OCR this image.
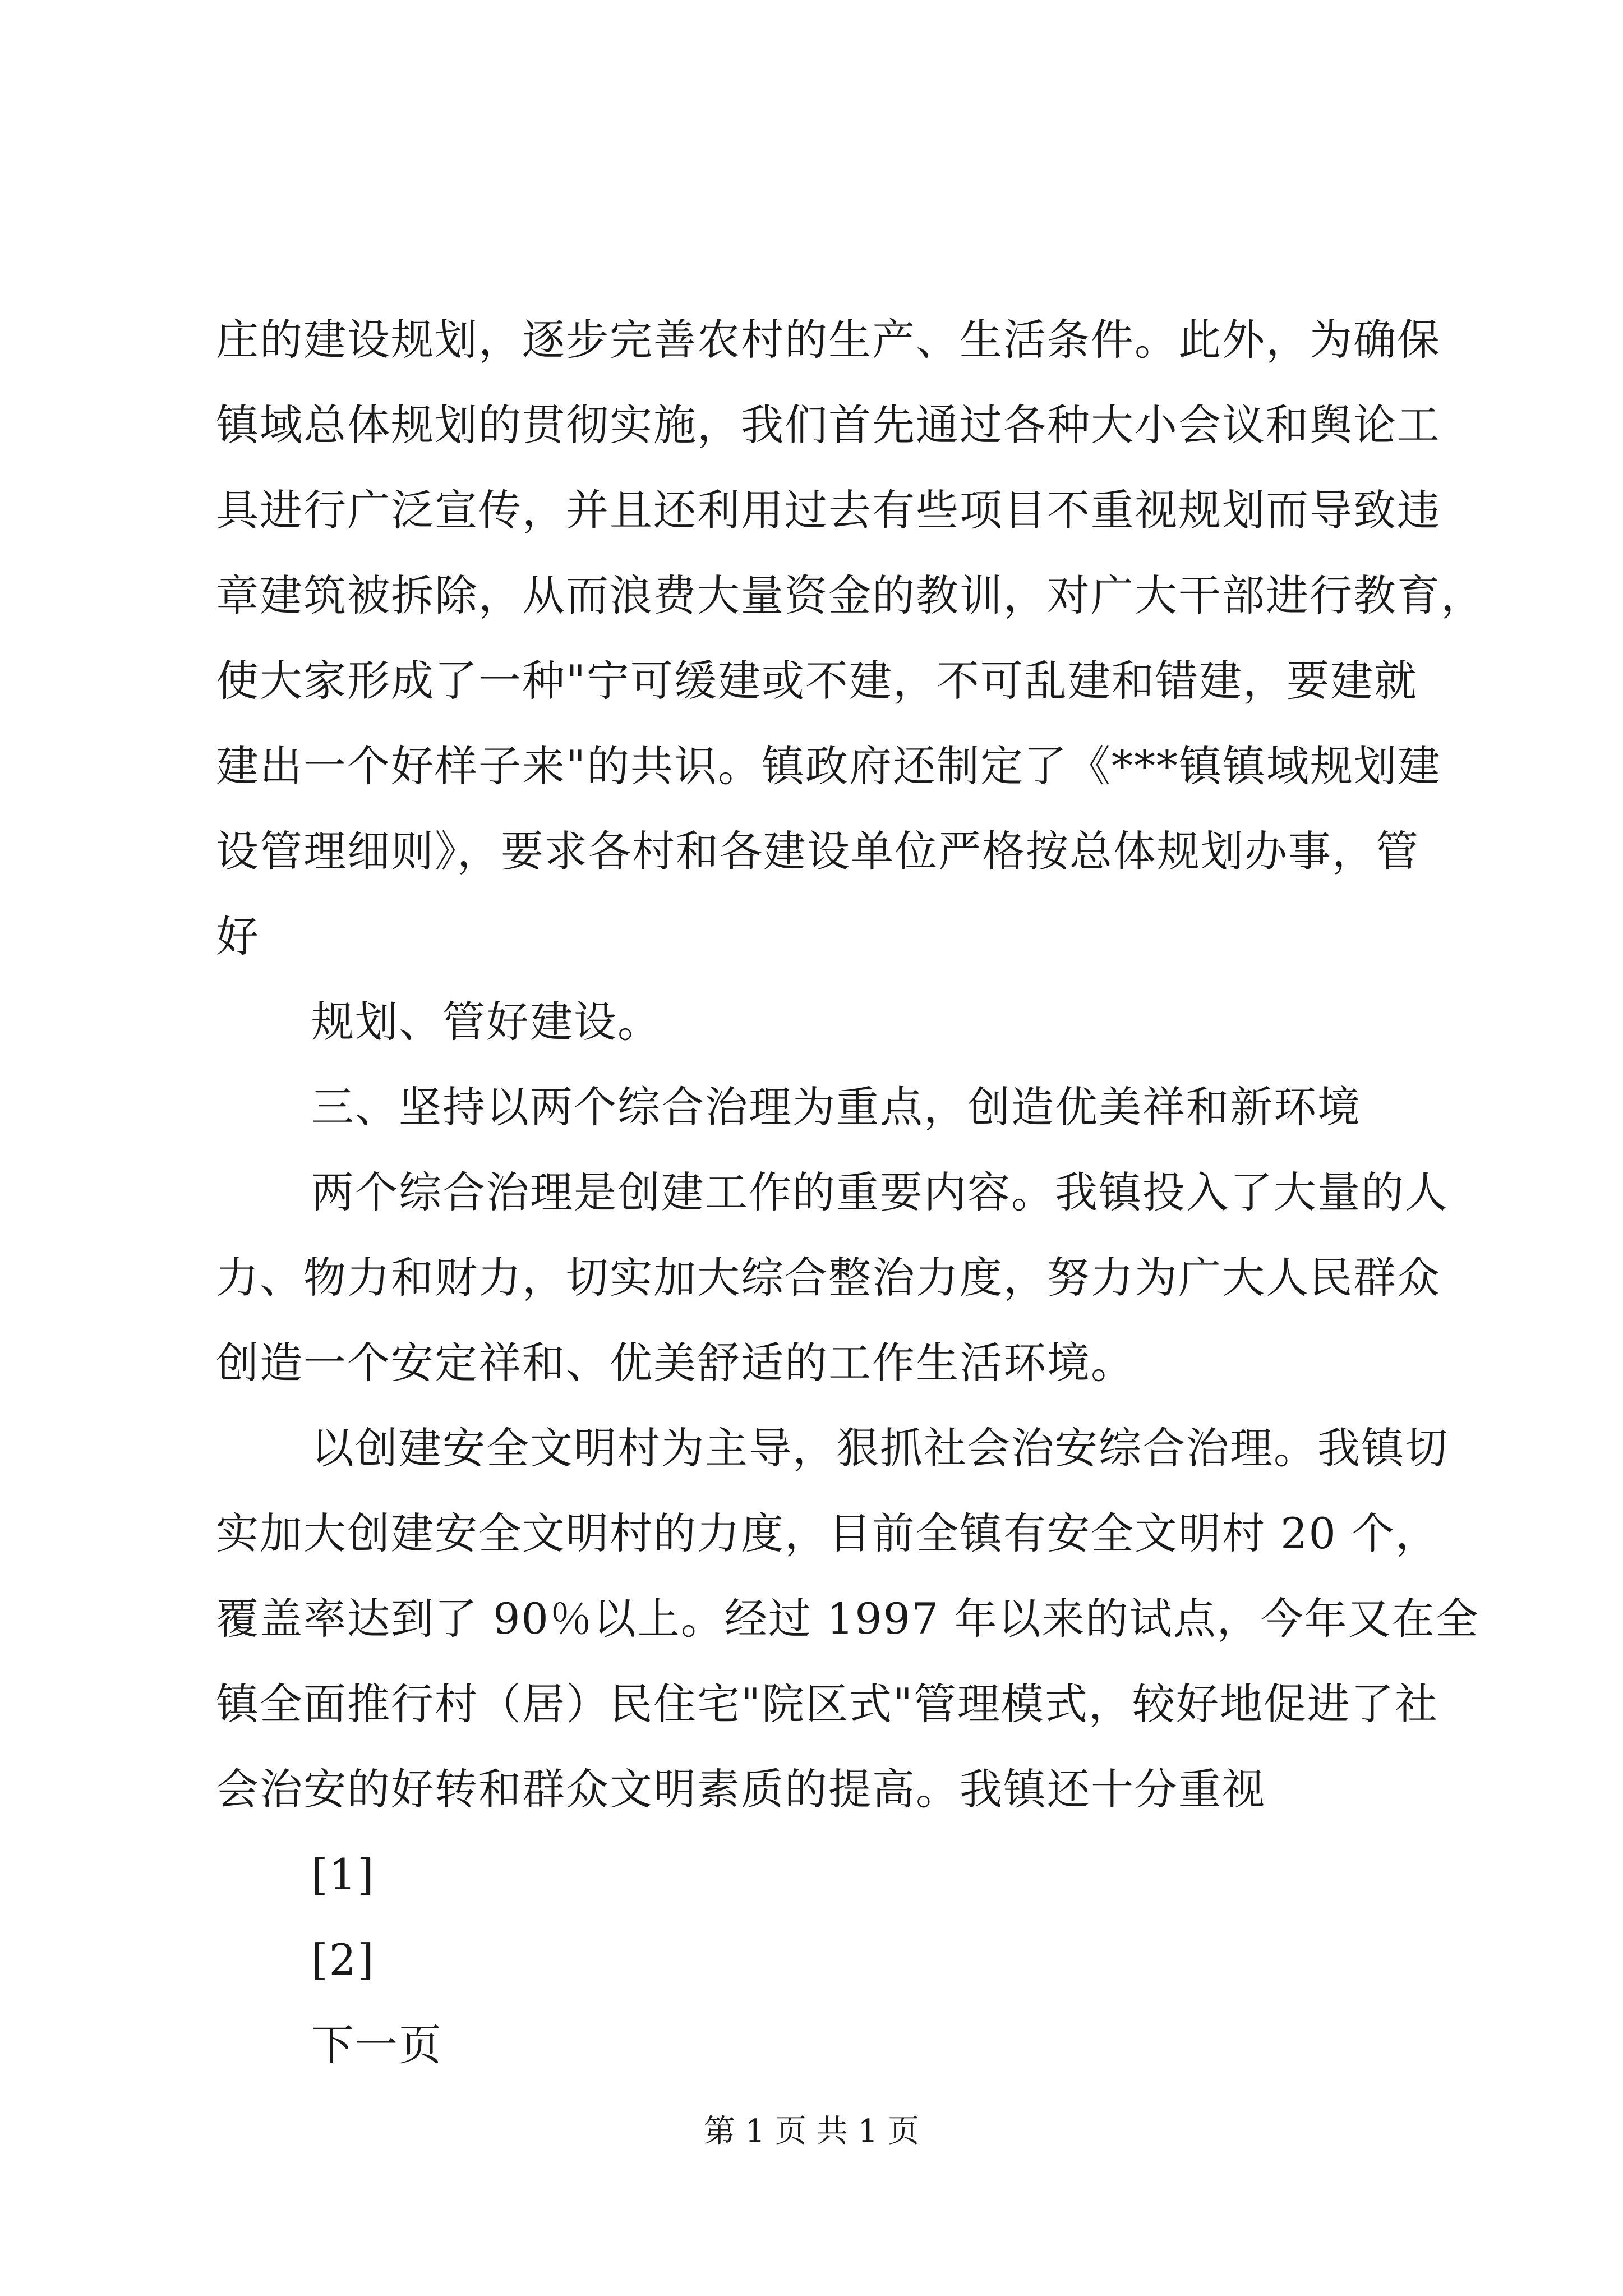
庄的建设规划，逐步完善农村的生产、生活条件。此外，为确保
镇域总体规划的贯彻实施，我们首先通过各种大小会议和舆论工
具进行广泛宣传，并且还利用过去有些项目不重视规划而导致违
章建筑被拆除，从而浪费大量资金的教训，对广大干部进行教育，
使大家形成了一种"宁可缓建或不建，不可乱建和错建，要建就
建出一个好样子来"的共识。镇政府还制定了《***镇镇域规划建
设管理细则》，要求各村和各建设单位严格按总体规划办事，管
好
规划、管好建设。
三、坚持以两个综合治理为重点，创造优美祥和新环境
两个综合治理是创建工作的重要内容。我镇投入了大量的人
力、物力和财力，切实加大综合整治力度，努力为广大人民群众
创造一个安定祥和、优美舒适的工作生活环境。
以创建安全文明村为主导，狠抓社会治安综合治理。我镇切
实加大创建安全文明村的力度，目前全镇有安全文明村 20 个，
覆盖率达到了 90％以上。经过 1997 年以来的试点，今年又在全
镇全面推行村（居）民住宅"院区式"管理模式，较好地促进了社
会治安的好转和群众文明素质的提高。我镇还十分重视
[1]
[2]
下一页
第 1 页 共 1 页
